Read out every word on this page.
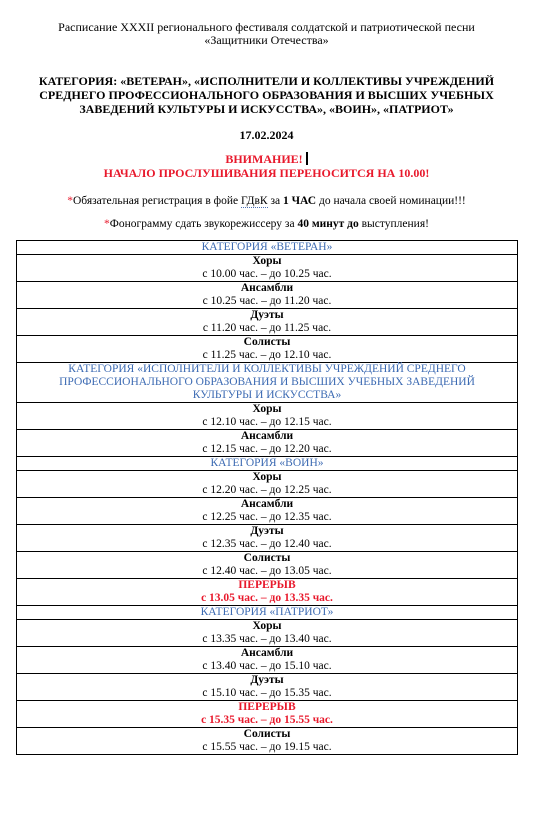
Расписание XXXII регионального фестиваля солдатской и патриотической песни
«Защитники Отечества»
КАТЕГОРИЯ: «ВЕТЕРАН», «ИСПОЛНИТЕЛИ И КОЛЛЕКТИВЫ УЧРЕЖДЕНИЙ
СРЕДНЕГО ПРОФЕССИОНАЛЬНОГО ОБРАЗОВАНИЯ И ВЫСШИХ УЧЕБНЫХ
ЗАВЕДЕНИЙ КУЛЬТУРЫ И ИСКУССТВА», «ВОИН», «ПАТРИОТ»
17.02.2024
ВНИМАНИЕ!
НАЧАЛО ПРОСЛУШИВАНИЯ ПЕРЕНОСИТСЯ НА 10.00!
*Обязательная регистрация в фойе ГДвК за 1 ЧАС до начала своей номинации!!!
*Фонограмму сдать звукорежиссеру за 40 минут до выступления!
КАТЕГОРИЯ «ВЕТЕРАН»

Хоры
с 10.00 час. – до 10.25 час.

Ансамбли
с 10.25 час. – до 11.20 час.

Дуэты
с 11.20 час. – до 11.25 час.

Солисты
с 11.25 час. – до 12.10 час.

КАТЕГОРИЯ «ИСПОЛНИТЕЛИ И КОЛЛЕКТИВЫ УЧРЕЖДЕНИЙ СРЕДНЕГО
ПРОФЕССИОНАЛЬНОГО ОБРАЗОВАНИЯ И ВЫСШИХ УЧЕБНЫХ ЗАВЕДЕНИЙ
КУЛЬТУРЫ И ИСКУССТВА»

Хоры
с 12.10 час. – до 12.15 час.

Ансамбли
с 12.15 час. – до 12.20 час.

КАТЕГОРИЯ «ВОИН»

Хоры
с 12.20 час. – до 12.25 час.

Ансамбли
с 12.25 час. – до 12.35 час.

Дуэты
с 12.35 час. – до 12.40 час.

Солисты
с 12.40 час. – до 13.05 час.

ПЕРЕРЫВ
с 13.05 час. – до 13.35 час.

КАТЕГОРИЯ «ПАТРИОТ»

Хоры
с 13.35 час. – до 13.40 час.

Ансамбли
с 13.40 час. – до 15.10 час.

Дуэты
с 15.10 час. – до 15.35 час.

ПЕРЕРЫВ
с 15.35 час. – до 15.55 час.

Солисты
с 15.55 час. – до 19.15 час.
